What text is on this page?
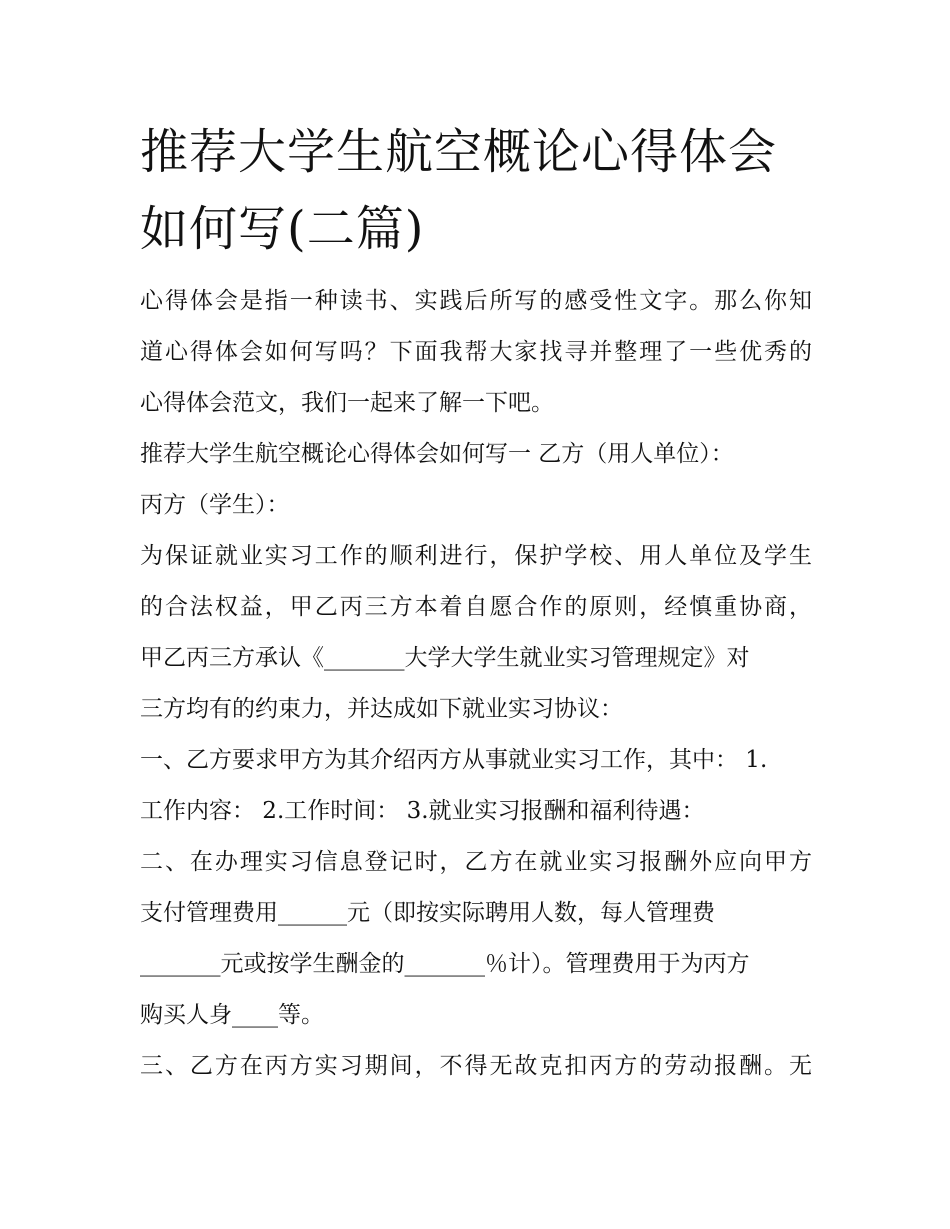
推荐大学生航空概论心得体会
如何写(二篇)
心得体会是指一种读书、实践后所写的感受性文字。那么你知
道心得体会如何写吗？下面我帮大家找寻并整理了一些优秀的
心得体会范文，我们一起来了解一下吧。
推荐大学生航空概论心得体会如何写一 乙方（用人单位）：
丙方（学生）：
为保证就业实习工作的顺利进行，保护学校、用人单位及学生
的合法权益，甲乙丙三方本着自愿合作的原则，经慎重协商，
甲乙丙三方承认《_______大学大学生就业实习管理规定》对
三方均有的约束力，并达成如下就业实习协议：
一、乙方要求甲方为其介绍丙方从事就业实习工作，其中： 1.
工作内容： 2.工作时间： 3.就业实习报酬和福利待遇：
二、在办理实习信息登记时，乙方在就业实习报酬外应向甲方
支付管理费用______元（即按实际聘用人数，每人管理费
_______元或按学生酬金的_______％计）。管理费用于为丙方
购买人身____等。
三、乙方在丙方实习期间，不得无故克扣丙方的劳动报酬。无
